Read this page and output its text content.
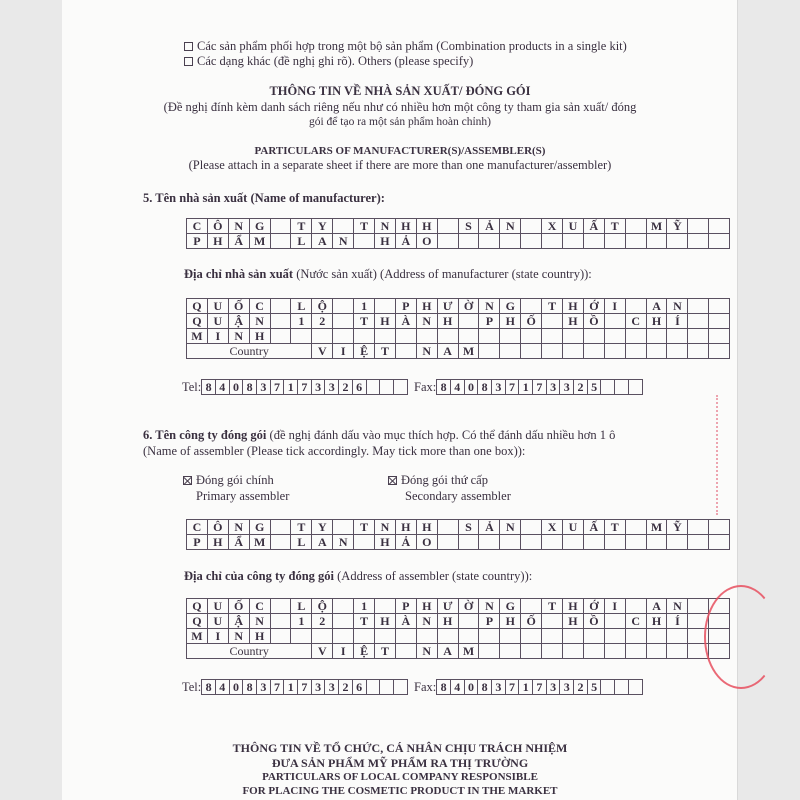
Các sản phẩm phối hợp trong một bộ sản phẩm (Combination products in a single kit)
Các dạng khác (đề nghị ghi rõ). Others (please specify)
THÔNG TIN VỀ NHÀ SẢN XUẤT/ ĐÓNG GÓI
(Đề nghị đính kèm danh sách riêng nếu như có nhiều hơn một công ty tham gia sản xuất/ đóng
gói để tạo ra một sản phẩm hoàn chỉnh)
PARTICULARS OF MANUFACTURER(S)/ASSEMBLER(S)
(Please attach in a separate sheet if there are more than one manufacturer/assembler)
5. Tên nhà sản xuất (Name of manufacturer):
C	Ô	N	G		T	Y		T	N	H	H		S	Ả	N		X	U	Ấ	T		M	Ỹ		
P	H	Ẩ	M		L	A	N		H	Ả	O														
Địa chỉ nhà sản xuất (Nước sản xuất) (Address of manufacturer (state country)):
Q	U	Ố	C		L	Ộ		1		P	H	Ư	Ờ	N	G		T	H	Ớ	I		A	N		
Q	U	Ậ	N		1	2		T	H	À	N	H		P	H	Ố		H	Ồ		C	H	Í		
M	I	N	H																						
Country						V	I	Ệ	T		N	A	M												
Tel: 8	4	0	8	3	7	1	7	3	3	2	6				Fax: 8	4	0	8	3	7	1	7	3	3	2	5			
6. Tên công ty đóng gói (đề nghị đánh dấu vào mục thích hợp. Có thể đánh dấu nhiều hơn 1 ô
(Name of assembler (Please tick accordingly. May tick more than one box)):
Đóng gói chính
Primary assembler
Đóng gói thứ cấp
Secondary assembler
C	Ô	N	G		T	Y		T	N	H	H		S	Ả	N		X	U	Ấ	T		M	Ỹ		
P	H	Ẩ	M		L	A	N		H	Ả	O														
Địa chỉ của công ty đóng gói (Address of assembler (state country)):
Q	U	Ố	C		L	Ộ		1		P	H	Ư	Ờ	N	G		T	H	Ớ	I		A	N		
Q	U	Ậ	N		1	2		T	H	À	N	H		P	H	Ố		H	Ồ		C	H	Í		
M	I	N	H																						
Country						V	I	Ệ	T		N	A	M												
Tel: 8	4	0	8	3	7	1	7	3	3	2	6				Fax: 8	4	0	8	3	7	1	7	3	3	2	5			
THÔNG TIN VỀ TỔ CHỨC, CÁ NHÂN CHỊU TRÁCH NHIỆM
ĐƯA SẢN PHẨM MỸ PHẨM RA THỊ TRƯỜNG
PARTICULARS OF LOCAL COMPANY RESPONSIBLE
FOR PLACING THE COSMETIC PRODUCT IN THE MARKET
